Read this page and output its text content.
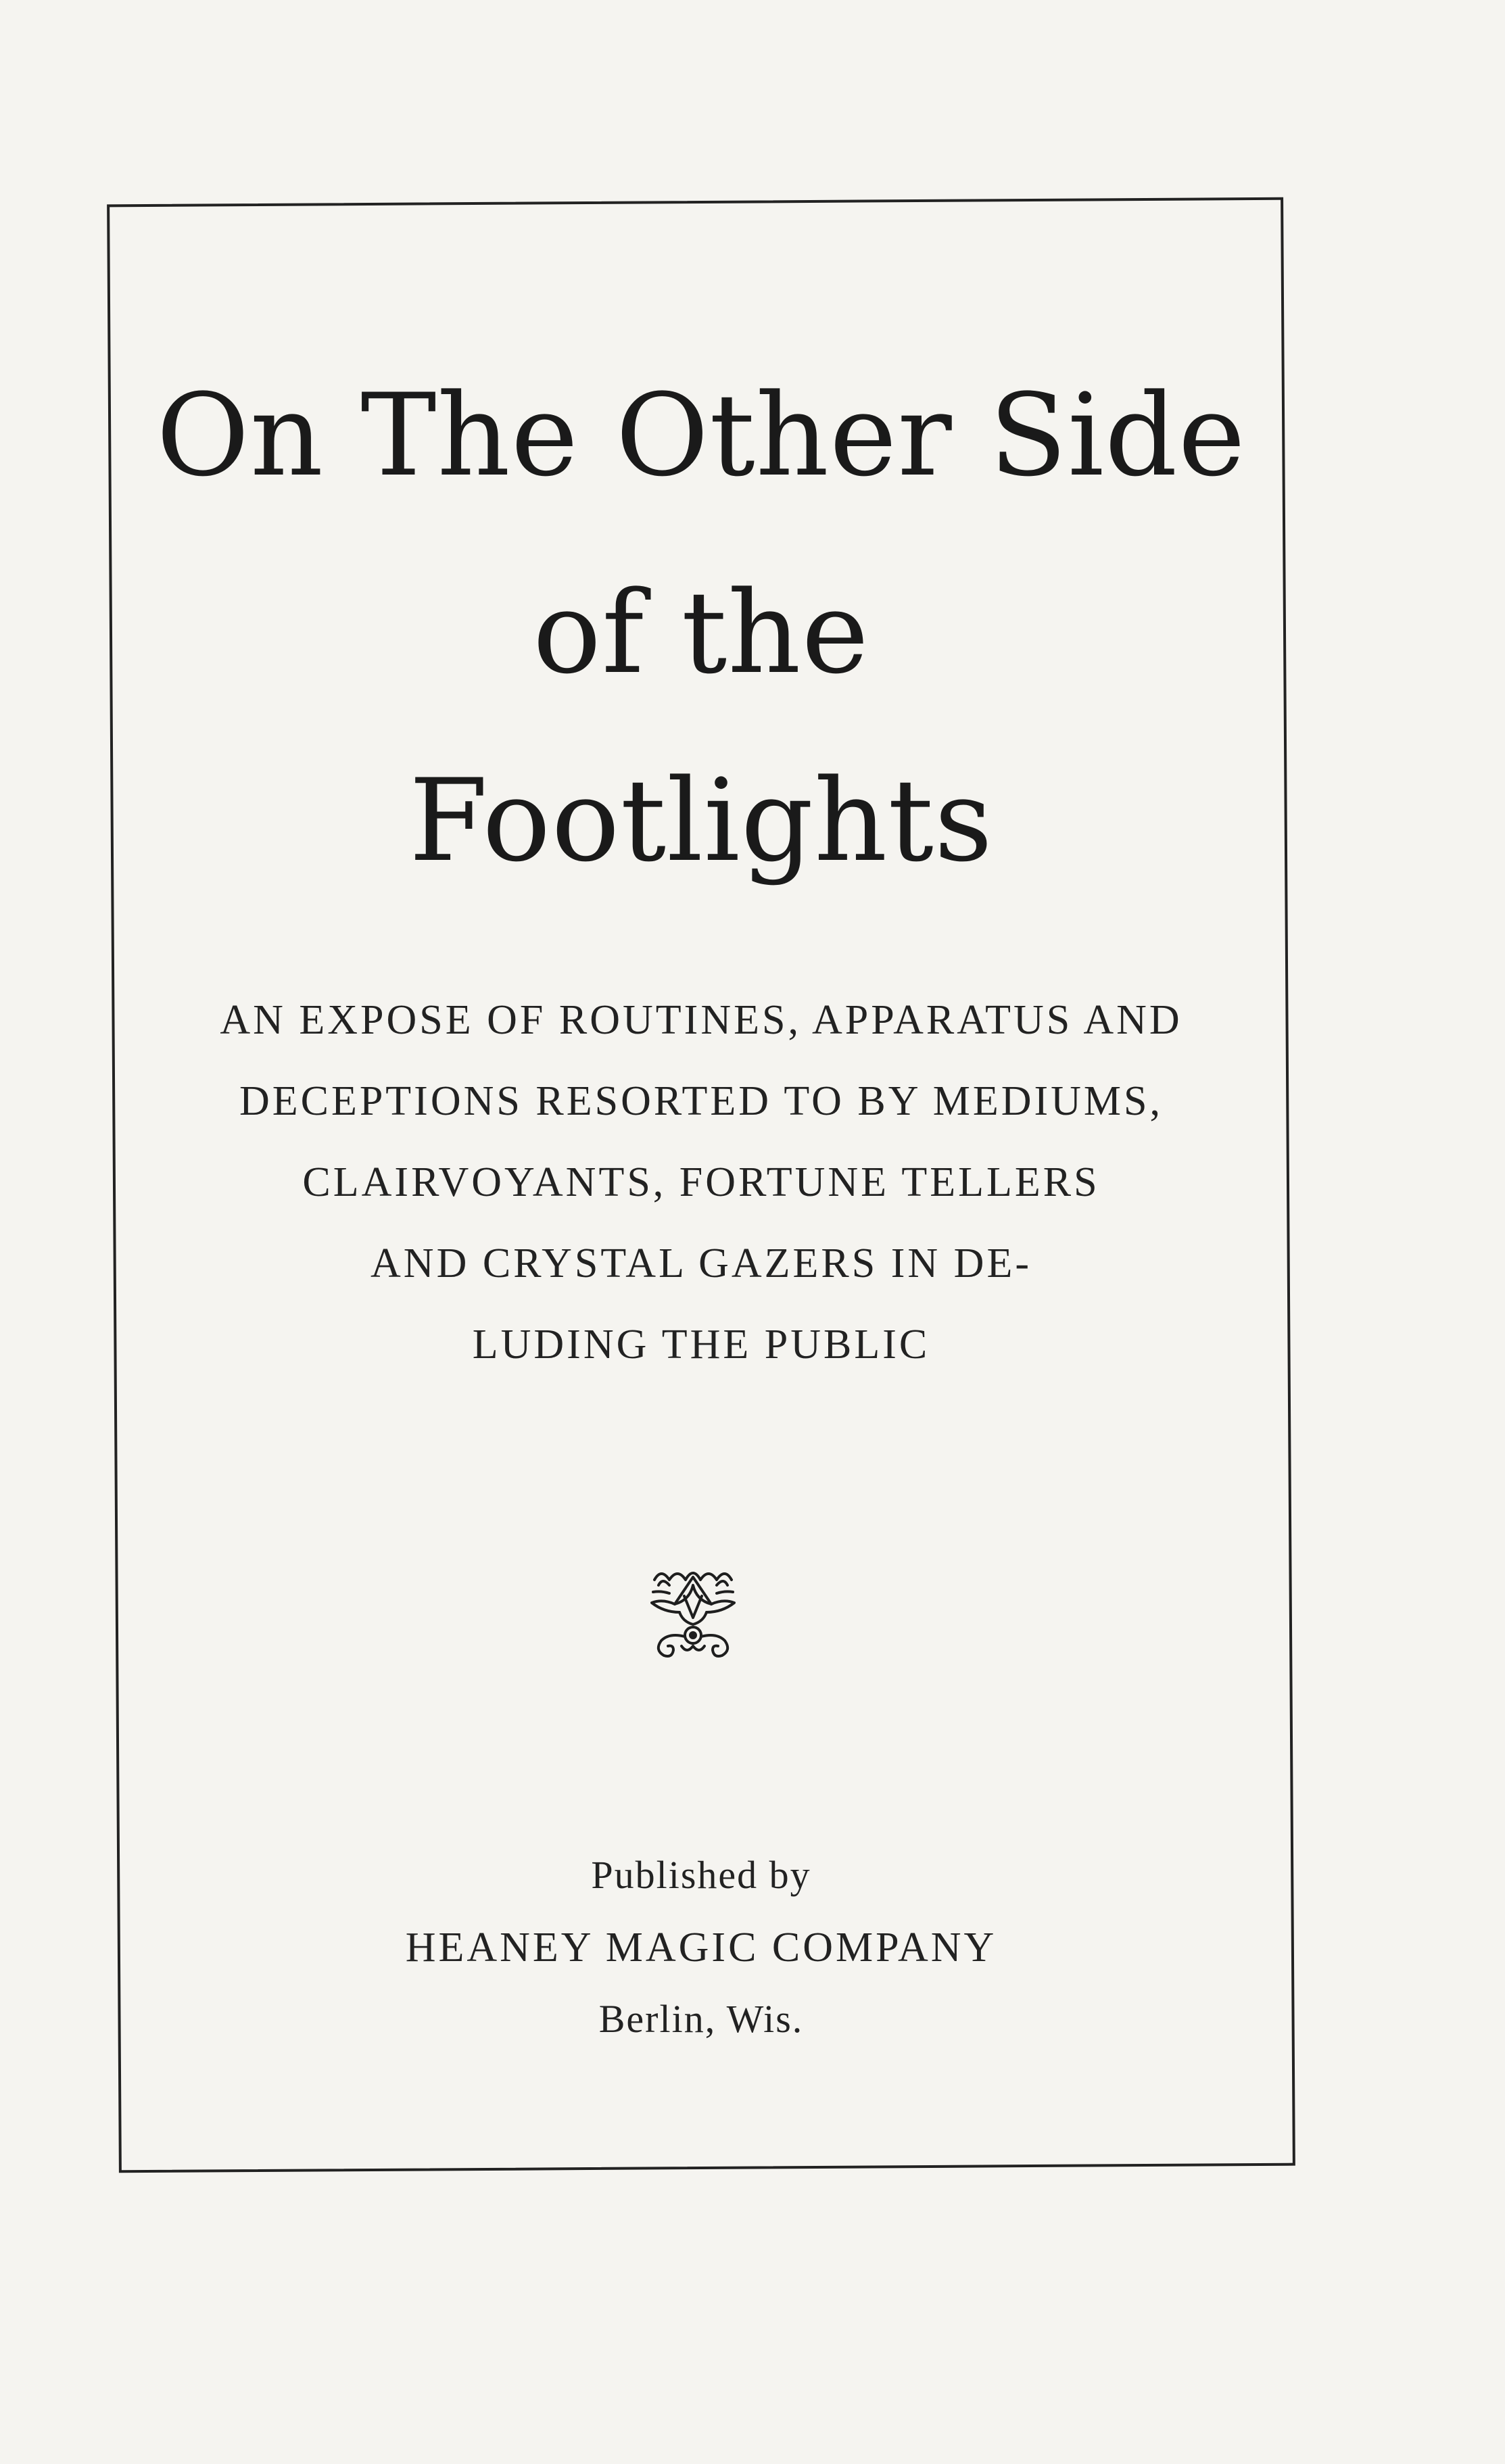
On The Other Side
of the
Footlights
AN EXPOSE OF ROUTINES, APPARATUS AND
DECEPTIONS RESORTED TO BY MEDIUMS,
CLAIRVOYANTS, FORTUNE TELLERS
AND CRYSTAL GAZERS IN DE-
LUDING THE PUBLIC
Published by
HEANEY MAGIC COMPANY
Berlin, Wis.
